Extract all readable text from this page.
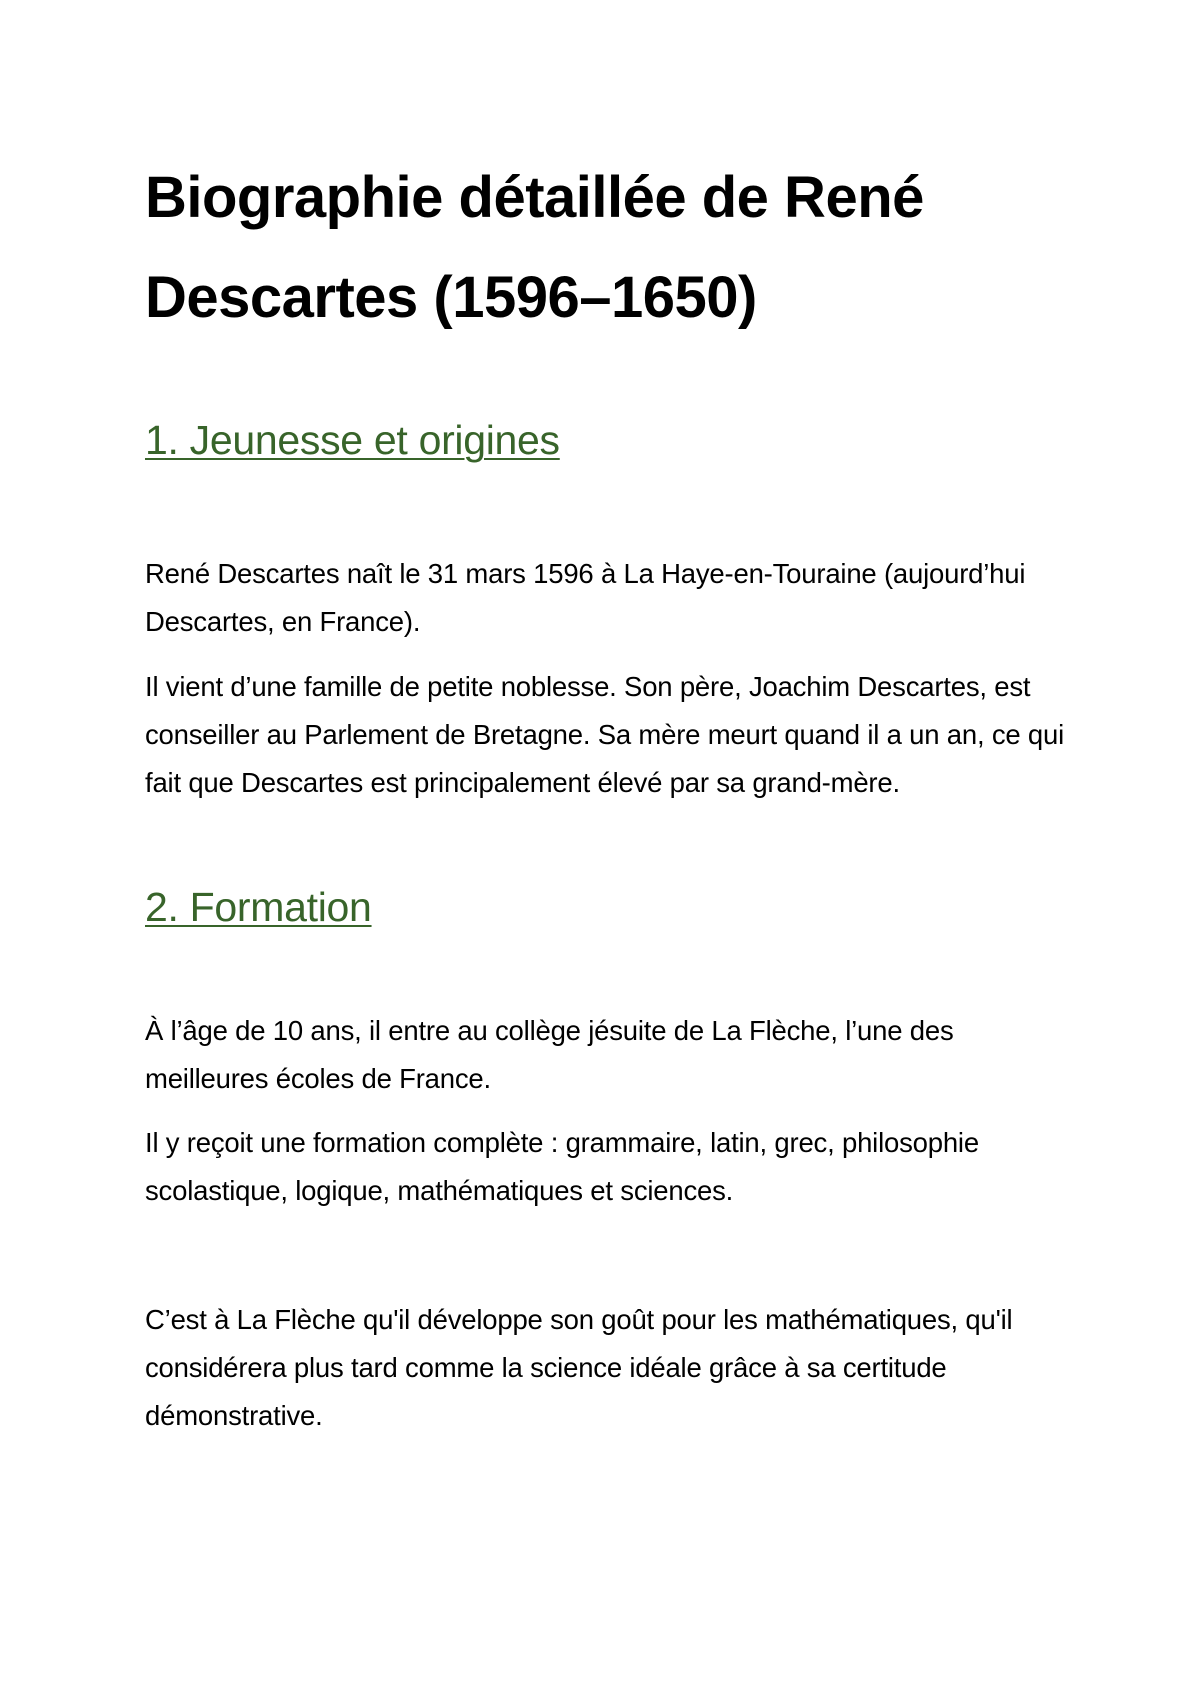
Biographie détaillée de René Descartes (1596–1650)
1. Jeunesse et origines

René Descartes naît le 31 mars 1596 à La Haye-en-Touraine (aujourd’hui Descartes, en France).

Il vient d’une famille de petite noblesse. Son père, Joachim Descartes, est conseiller au Parlement de Bretagne. Sa mère meurt quand il a un an, ce qui fait que Descartes est principalement élevé par sa grand-mère.

2. Formation

À l’âge de 10 ans, il entre au collège jésuite de La Flèche, l’une des meilleures écoles de France.

Il y reçoit une formation complète : grammaire, latin, grec, philosophie scolastique, logique, mathématiques et sciences.

C’est à La Flèche qu'il développe son goût pour les mathématiques, qu'il considérera plus tard comme la science idéale grâce à sa certitude démonstrative.
